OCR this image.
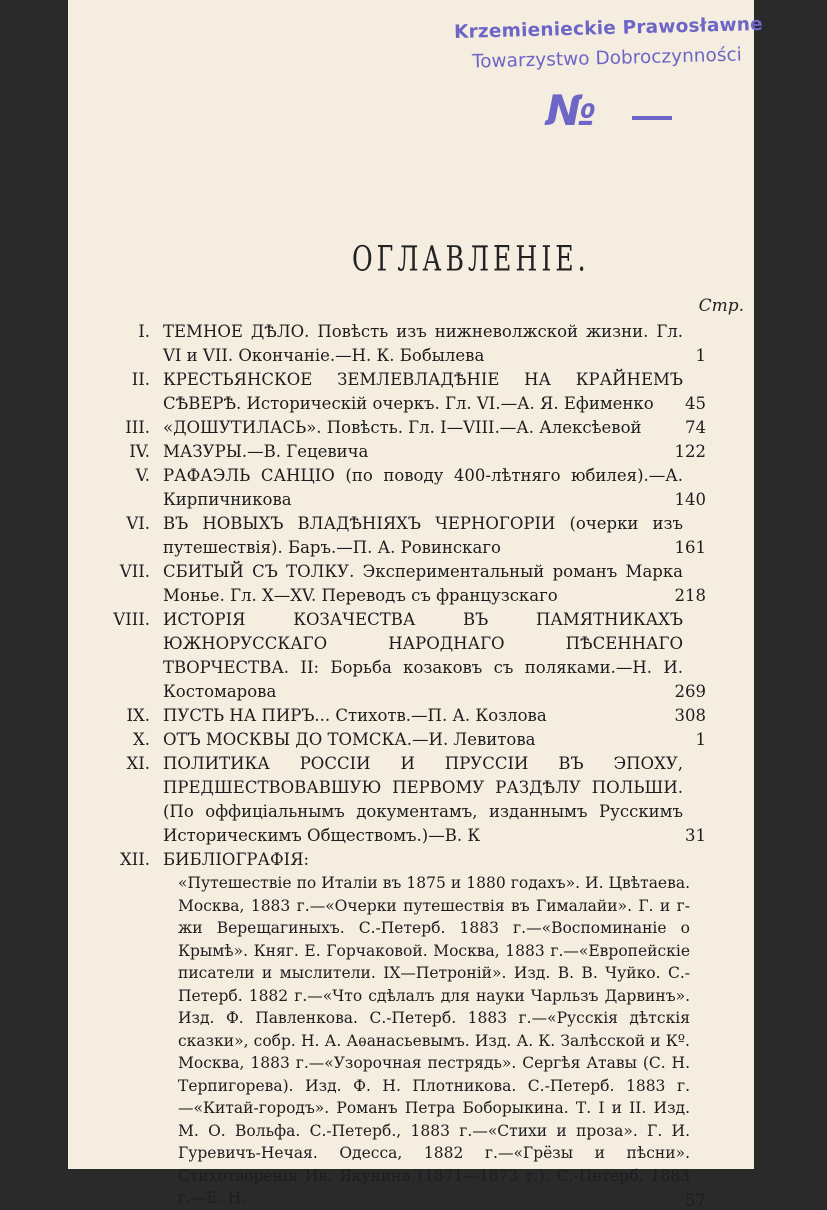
Krzemienieckie Prawosławne
Towarzystwo Dobroczynności
№
ОГЛАВЛЕНІЕ.
Стр.
I. ТЕМНОЕ ДѢЛО. Повѣсть изъ нижневолжской жизни. Гл. VI и VII. Окончаніе.—Н. К. Бобылева	1
II. КРЕСТЬЯНСКОЕ ЗЕМЛЕВЛАДѢНІЕ НА КРАЙНЕМЪ СѢВЕРѢ. Историческій очеркъ. Гл. VI.—А. Я. Ефименко	45
III. «ДОШУТИЛАСЬ». Повѣсть. Гл. I—VIII.—А. Алексѣевой	74
IV. МАЗУРЫ.—В. Гецевича	122
V. РАФАЭЛЬ САНЦІО (по поводу 400-лѣтняго юбилея).—А. Кирпичникова	140
VI. ВЪ НОВЫХЪ ВЛАДѢНІЯХЪ ЧЕРНОГОРІИ (очерки изъ путешествія). Баръ.—П. А. Ровинскаго	161
VII. СБИТЫЙ СЪ ТОЛКУ. Экспериментальный романъ Марка Монье. Гл. X—XV. Переводъ съ французскаго	218
VIII. ИСТОРІЯ КОЗАЧЕСТВА ВЪ ПАМЯТНИКАХЪ ЮЖНОРУССКАГО НАРОДНАГО ПѢСЕННАГО ТВОРЧЕСТВА. II: Борьба козаковъ съ поляками.—Н. И. Костомарова	269
IX. ПУСТЬ НА ПИРЪ... Стихотв.—П. А. Козлова	308
X. ОТЪ МОСКВЫ ДО ТОМСКА.—И. Левитова	1
XI. ПОЛИТИКА РОССІИ И ПРУССІИ ВЪ ЭПОХУ, ПРЕДШЕСТВОВАВШУЮ ПЕРВОМУ РАЗДѢЛУ ПОЛЬШИ. (По оффиціальнымъ документамъ, изданнымъ Русскимъ Историческимъ Обществомъ.)—В. К	31
XII. БИБЛІОГРАФІЯ:
«Путешествіе по Италіи въ 1875 и 1880 годахъ». И. Цвѣтаева. Москва, 1883 г.—«Очерки путешествія въ Гималайи». Г. и г-жи Верещагиныхъ. С.-Петерб. 1883 г.—«Воспоминаніе о Крымѣ». Княг. Е. Горчаковой. Москва, 1883 г.—«Европейскіе писатели и мыслители. IX—Петроній». Изд. В. В. Чуйко. С.-Петерб. 1882 г.—«Что сдѣлалъ для науки Чарльзъ Дарвинъ». Изд. Ф. Павленкова. С.-Петерб. 1883 г.—«Русскія дѣтскія сказки», собр. Н. А. Аѳанасьевымъ. Изд. А. К. Залѣсской и Кº. Москва, 1883 г.—«Узорочная пестрядь». Сергѣя Атавы (С. Н. Терпигорева). Изд. Ф. Н. Плотникова. С.-Петерб. 1883 г.—«Китай-городъ». Романъ Петра Боборыкина. Т. I и II. Изд. М. О. Вольфа. С.-Петерб., 1883 г.—«Стихи и проза». Г. И. Гуревичъ-Нечая. Одесса, 1882 г.—«Грёзы и пѣсни». Стихотворенія Ив. Якунина (1871—1873 г.). С.-Петерб. 1883 г.—Е. Н.	57
